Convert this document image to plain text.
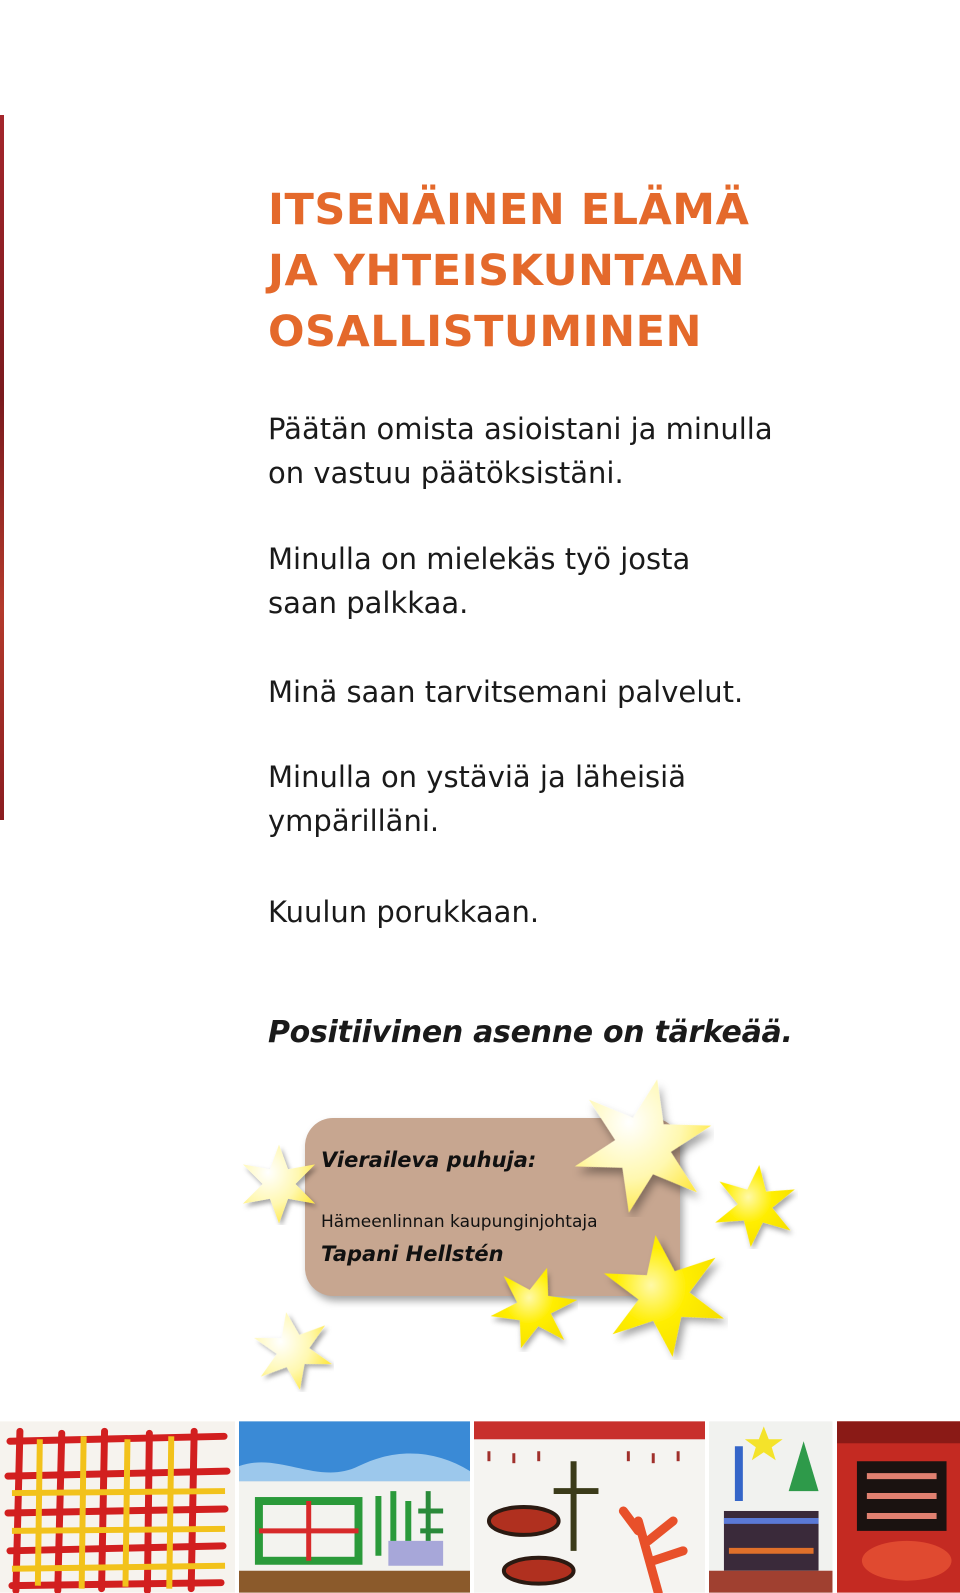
ITSENÄINEN ELÄMÄ
JA YHTEISKUNTAAN
OSALLISTUMINEN

Päätän omista asioistani ja minulla
on vastuu päätöksistäni.

Minulla on mielekäs työ josta
saan palkkaa.

Minä saan tarvitsemani palvelut.

Minulla on ystäviä ja läheisiä
ympärilläni.

Kuulun porukkaan.

Positiivinen asenne on tärkeää.

Vieraileva puhuja:
Hämeenlinnan kaupunginjohtaja
Tapani Hellstén
